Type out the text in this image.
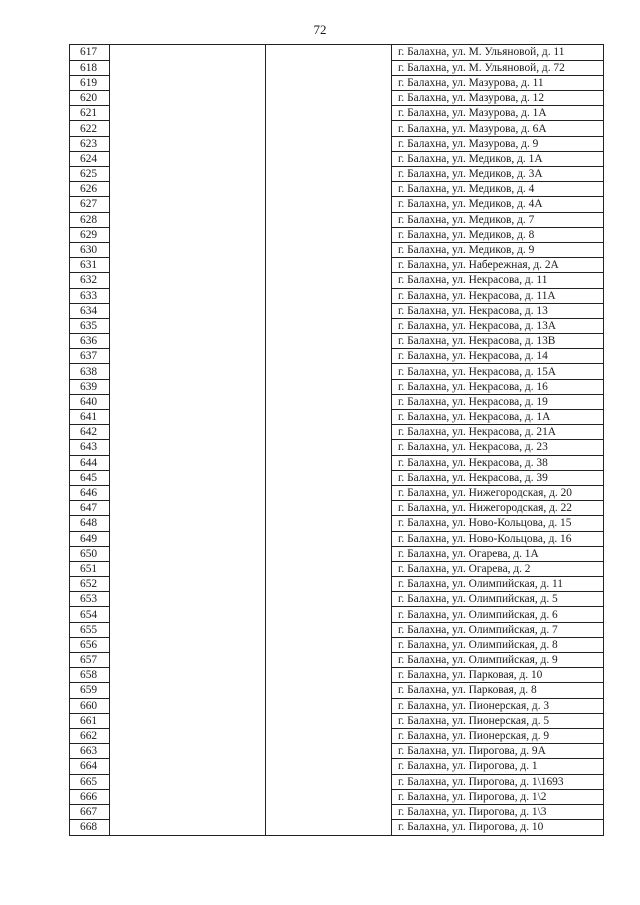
72
617			г. Балахна, ул. М. Ульяновой, д. 11
618			г. Балахна, ул. М. Ульяновой, д. 72
619			г. Балахна, ул. Мазурова, д. 11
620			г. Балахна, ул. Мазурова, д. 12
621			г. Балахна, ул. Мазурова, д. 1А
622			г. Балахна, ул. Мазурова, д. 6А
623			г. Балахна, ул. Мазурова, д. 9
624			г. Балахна, ул. Медиков, д. 1А
625			г. Балахна, ул. Медиков, д. 3А
626			г. Балахна, ул. Медиков, д. 4
627			г. Балахна, ул. Медиков, д. 4А
628			г. Балахна, ул. Медиков, д. 7
629			г. Балахна, ул. Медиков, д. 8
630			г. Балахна, ул. Медиков, д. 9
631			г. Балахна, ул. Набережная, д. 2А
632			г. Балахна, ул. Некрасова, д. 11
633			г. Балахна, ул. Некрасова, д. 11А
634			г. Балахна, ул. Некрасова, д. 13
635			г. Балахна, ул. Некрасова, д. 13А
636			г. Балахна, ул. Некрасова, д. 13В
637			г. Балахна, ул. Некрасова, д. 14
638			г. Балахна, ул. Некрасова, д. 15А
639			г. Балахна, ул. Некрасова, д. 16
640			г. Балахна, ул. Некрасова, д. 19
641			г. Балахна, ул. Некрасова, д. 1А
642			г. Балахна, ул. Некрасова, д. 21А
643			г. Балахна, ул. Некрасова, д. 23
644			г. Балахна, ул. Некрасова, д. 38
645			г. Балахна, ул. Некрасова, д. 39
646			г. Балахна, ул. Нижегородская, д. 20
647			г. Балахна, ул. Нижегородская, д. 22
648			г. Балахна, ул. Ново-Кольцова, д. 15
649			г. Балахна, ул. Ново-Кольцова, д. 16
650			г. Балахна, ул. Огарева, д. 1А
651			г. Балахна, ул. Огарева, д. 2
652			г. Балахна, ул. Олимпийская, д. 11
653			г. Балахна, ул. Олимпийская, д. 5
654			г. Балахна, ул. Олимпийская, д. 6
655			г. Балахна, ул. Олимпийская, д. 7
656			г. Балахна, ул. Олимпийская, д. 8
657			г. Балахна, ул. Олимпийская, д. 9
658			г. Балахна, ул. Парковая, д. 10
659			г. Балахна, ул. Парковая, д. 8
660			г. Балахна, ул. Пионерская, д. 3
661			г. Балахна, ул. Пионерская, д. 5
662			г. Балахна, ул. Пионерская, д. 9
663			г. Балахна, ул. Пирогова, д. 9А
664			г. Балахна, ул. Пирогова, д. 1
665			г. Балахна, ул. Пирогова, д. 1\1693
666			г. Балахна, ул. Пирогова, д. 1\2
667			г. Балахна, ул. Пирогова, д. 1\3
668			г. Балахна, ул. Пирогова, д. 10
